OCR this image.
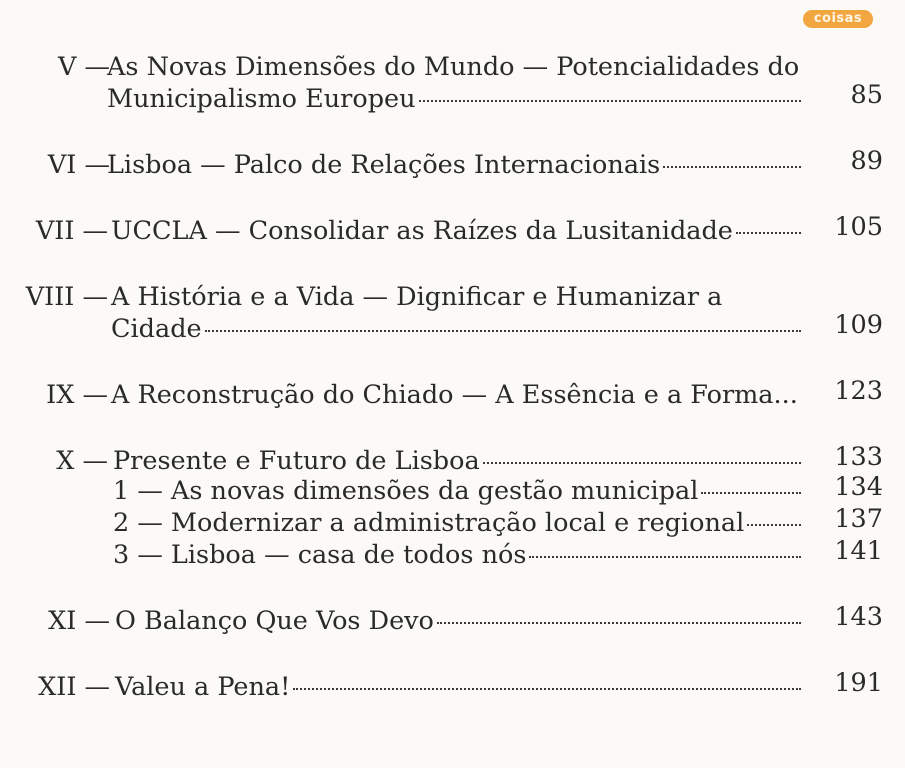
coisas
V —
As Novas Dimensões do Mundo — Potencialidades do
Municipalismo Europeu	85
VI —
Lisboa — Palco de Relações Internacionais	89
VII — UCCLA — Consolidar as Raízes da Lusitanidade	105
VIII — A História e a Vida — Dignificar e Humanizar a
Cidade	109
IX — A Reconstrução do Chiado — A Essência e a Forma... 123
X — Presente e Futuro de Lisboa	133
1 — As novas dimensões da gestão municipal	134
2 — Modernizar a administração local e regional	137
3 — Lisboa — casa de todos nós	141
XI — O Balanço Que Vos Devo	143
XII — Valeu a Pena!	191
